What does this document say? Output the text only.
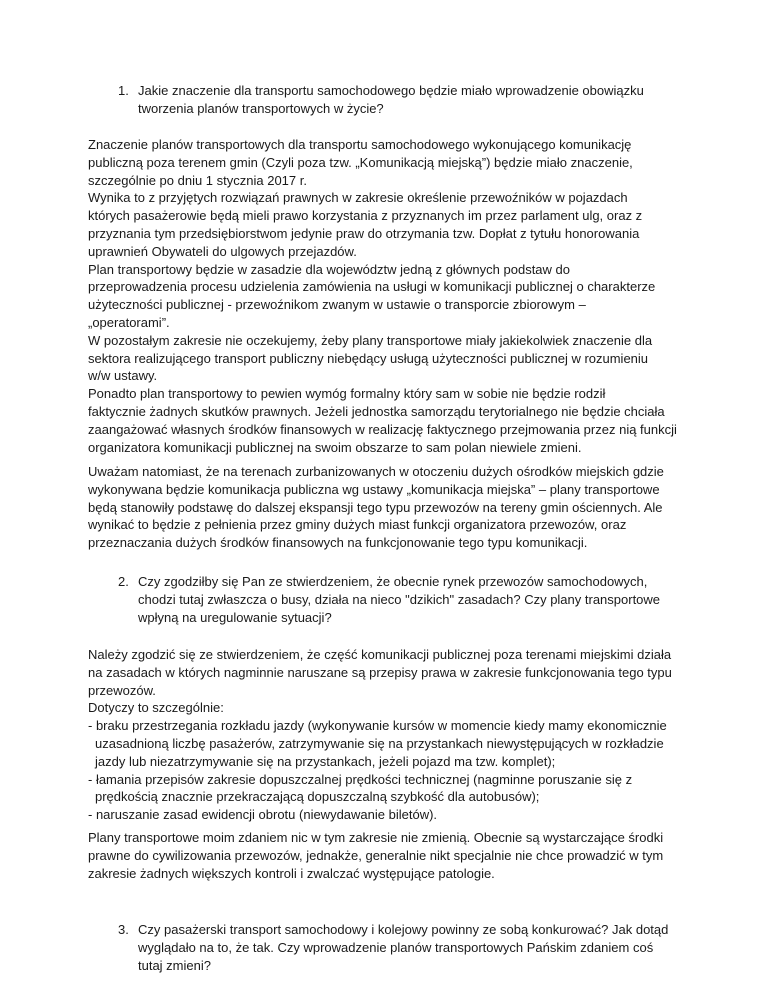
1. Jakie znaczenie dla transportu samochodowego będzie miało wprowadzenie obowiązku
tworzenia planów transportowych w życie?
Znaczenie planów transportowych dla transportu samochodowego wykonującego komunikację
publiczną poza terenem gmin (Czyli poza tzw. „Komunikacją miejską”) będzie miało znaczenie,
szczególnie po dniu 1 stycznia 2017 r.
Wynika to z przyjętych rozwiązań prawnych w zakresie określenie przewoźników w pojazdach
których pasażerowie będą mieli prawo korzystania z przyznanych im przez parlament ulg, oraz z
przyznania tym przedsiębiorstwom jedynie praw do otrzymania tzw. Dopłat z tytułu honorowania
uprawnień Obywateli do ulgowych przejazdów.
Plan transportowy będzie w zasadzie dla województw jedną z głównych podstaw do
przeprowadzenia procesu udzielenia zamówienia na usługi w komunikacji publicznej o charakterze
użyteczności publicznej - przewoźnikom zwanym w ustawie o transporcie zbiorowym –
„operatorami”.
W pozostałym zakresie nie oczekujemy, żeby plany transportowe miały jakiekolwiek znaczenie dla
sektora realizującego transport publiczny niebędący usługą użyteczności publicznej w rozumieniu
w/w ustawy.
Ponadto plan transportowy to pewien wymóg formalny który sam w sobie nie będzie rodził
faktycznie żadnych skutków prawnych. Jeżeli jednostka samorządu terytorialnego nie będzie chciała
zaangażować własnych środków finansowych w realizację faktycznego przejmowania przez nią funkcji
organizatora komunikacji publicznej na swoim obszarze to sam polan niewiele zmieni.
Uważam natomiast, że na terenach zurbanizowanych w otoczeniu dużych ośrodków miejskich gdzie
wykonywana będzie komunikacja publiczna wg ustawy „komunikacja miejska” – plany transportowe
będą stanowiły podstawę do dalszej ekspansji tego typu przewozów na tereny gmin ościennych. Ale
wynikać to będzie z pełnienia przez gminy dużych miast funkcji organizatora przewozów, oraz
przeznaczania dużych środków finansowych na funkcjonowanie tego typu komunikacji.
2. Czy zgodziłby się Pan ze stwierdzeniem, że obecnie rynek przewozów samochodowych,
chodzi tutaj zwłaszcza o busy, działa na nieco "dzikich" zasadach? Czy plany transportowe
wpłyną na uregulowanie sytuacji?
Należy zgodzić się ze stwierdzeniem, że część komunikacji publicznej poza terenami miejskimi działa
na zasadach w których nagminnie naruszane są przepisy prawa w zakresie funkcjonowania tego typu
przewozów.
Dotyczy to szczególnie:
- braku przestrzegania rozkładu jazdy (wykonywanie kursów w momencie kiedy mamy ekonomicznie
uzasadnioną liczbę pasażerów, zatrzymywanie się na przystankach niewystępujących w rozkładzie
jazdy lub niezatrzymywanie się na przystankach, jeżeli pojazd ma tzw. komplet);
- łamania przepisów zakresie dopuszczalnej prędkości technicznej (nagminne poruszanie się z
prędkością znacznie przekraczającą dopuszczalną szybkość dla autobusów);
- naruszanie zasad ewidencji obrotu (niewydawanie biletów).
Plany transportowe moim zdaniem nic w tym zakresie nie zmienią. Obecnie są wystarczające środki
prawne do cywilizowania przewozów, jednakże, generalnie nikt specjalnie nie chce prowadzić w tym
zakresie żadnych większych kontroli i zwalczać występujące patologie.
3. Czy pasażerski transport samochodowy i kolejowy powinny ze sobą konkurować? Jak dotąd
wyglądało na to, że tak. Czy wprowadzenie planów transportowych Pańskim zdaniem coś
tutaj zmieni?
